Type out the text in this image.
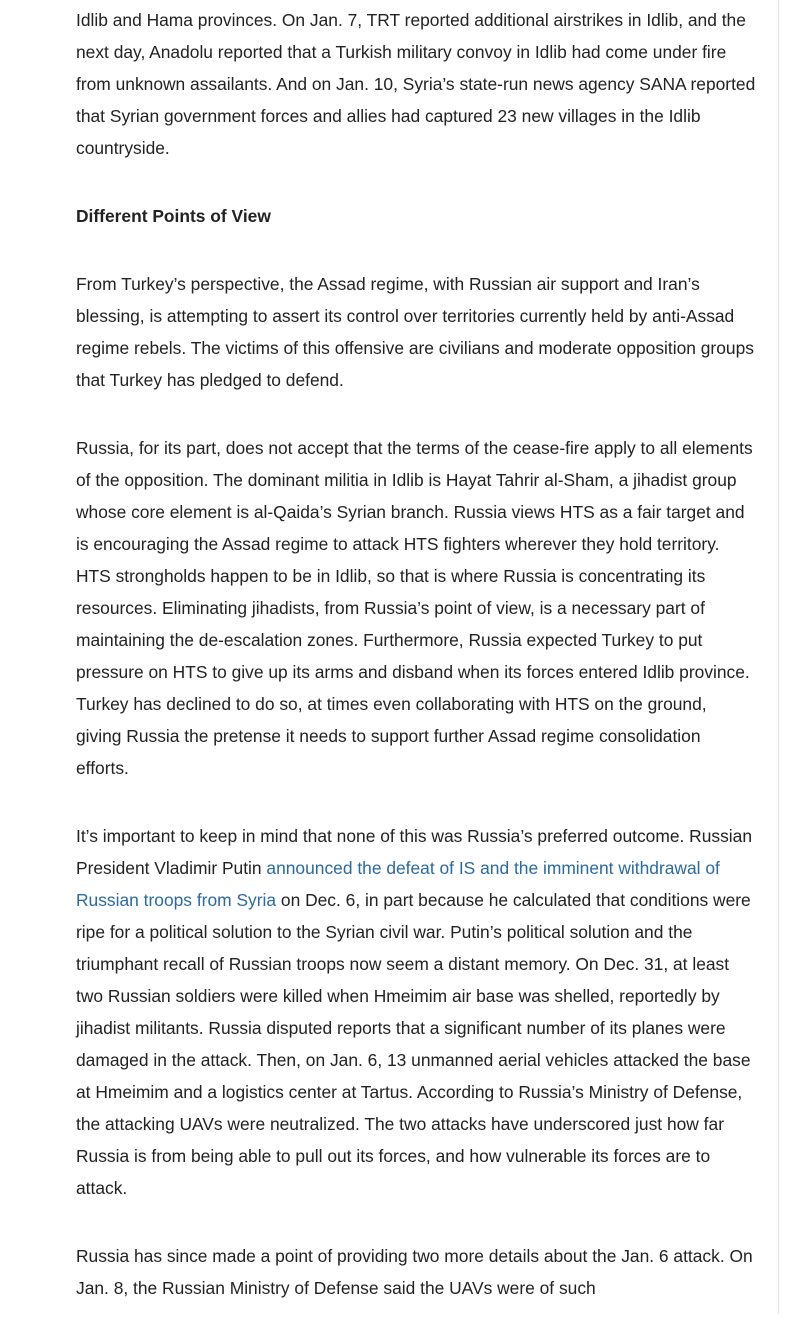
Idlib and Hama provinces. On Jan. 7, TRT reported additional airstrikes in Idlib, and the next day, Anadolu reported that a Turkish military convoy in Idlib had come under fire from unknown assailants. And on Jan. 10, Syria’s state-run news agency SANA reported that Syrian government forces and allies had captured 23 new villages in the Idlib countryside.

Different Points of View

From Turkey’s perspective, the Assad regime, with Russian air support and Iran’s blessing, is attempting to assert its control over territories currently held by anti-Assad regime rebels. The victims of this offensive are civilians and moderate opposition groups that Turkey has pledged to defend.

Russia, for its part, does not accept that the terms of the cease-fire apply to all elements of the opposition. The dominant militia in Idlib is Hayat Tahrir al-Sham, a jihadist group whose core element is al-Qaida’s Syrian branch. Russia views HTS as a fair target and is encouraging the Assad regime to attack HTS fighters wherever they hold territory. HTS strongholds happen to be in Idlib, so that is where Russia is concentrating its resources. Eliminating jihadists, from Russia’s point of view, is a necessary part of maintaining the de-escalation zones. Furthermore, Russia expected Turkey to put pressure on HTS to give up its arms and disband when its forces entered Idlib province. Turkey has declined to do so, at times even collaborating with HTS on the ground, giving Russia the pretense it needs to support further Assad regime consolidation efforts.

It’s important to keep in mind that none of this was Russia’s preferred outcome. Russian President Vladimir Putin announced the defeat of IS and the imminent withdrawal of Russian troops from Syria on Dec. 6, in part because he calculated that conditions were ripe for a political solution to the Syrian civil war. Putin’s political solution and the triumphant recall of Russian troops now seem a distant memory. On Dec. 31, at least two Russian soldiers were killed when Hmeimim air base was shelled, reportedly by jihadist militants. Russia disputed reports that a significant number of its planes were damaged in the attack. Then, on Jan. 6, 13 unmanned aerial vehicles attacked the base at Hmeimim and a logistics center at Tartus. According to Russia’s Ministry of Defense, the attacking UAVs were neutralized. The two attacks have underscored just how far Russia is from being able to pull out its forces, and how vulnerable its forces are to attack.

Russia has since made a point of providing two more details about the Jan. 6 attack. On Jan. 8, the Russian Ministry of Defense said the UAVs were of such
